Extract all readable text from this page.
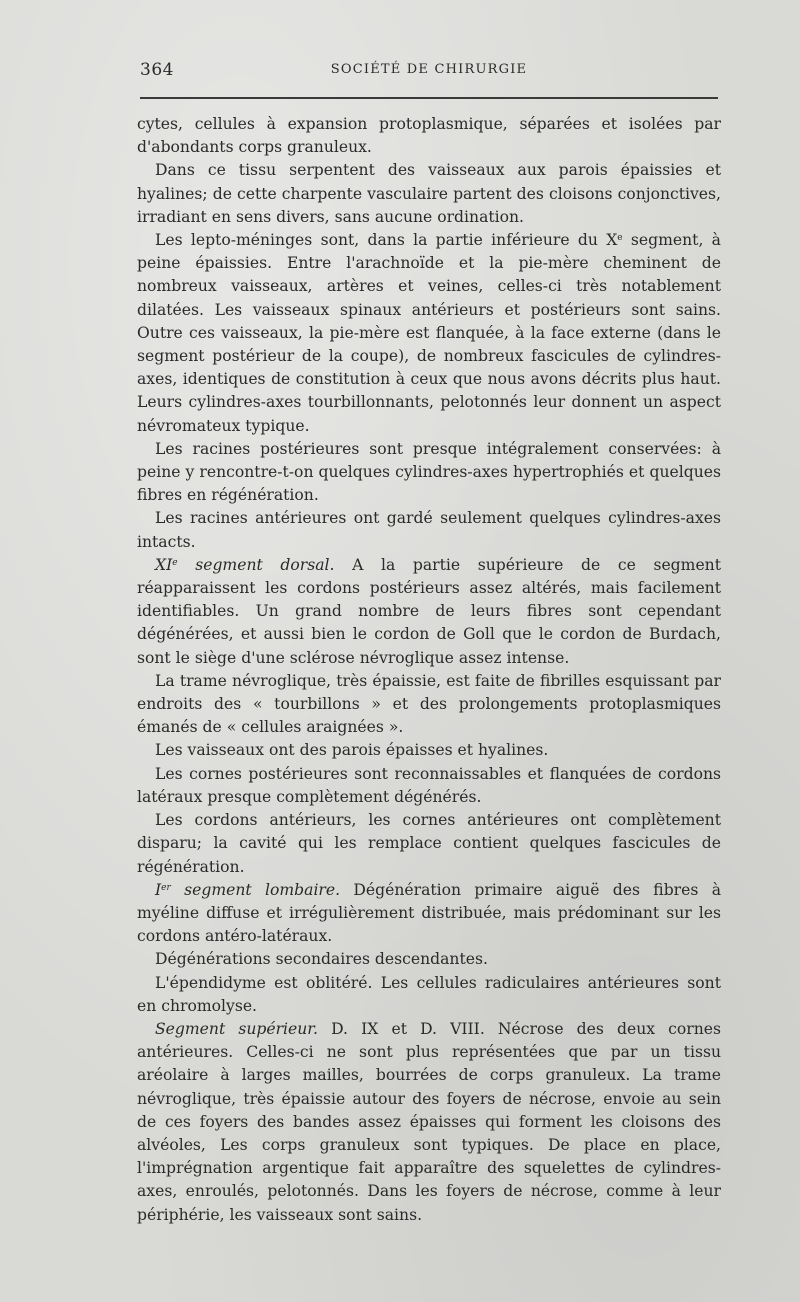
364	SOCIÉTÉ DE CHIRURGIE

cytes, cellules à expansion protoplasmique, séparées et isolées par d'abondants corps granuleux.

Dans ce tissu serpentent des vaisseaux aux parois épaissies et hyalines; de cette charpente vasculaire partent des cloisons conjonctives, irradiant en sens divers, sans aucune ordination.

Les lepto-méninges sont, dans la partie inférieure du Xe segment, à peine épaissies. Entre l'arachnoïde et la pie-mère cheminent de nombreux vaisseaux, artères et veines, celles-ci très notablement dilatées. Les vaisseaux spinaux antérieurs et postérieurs sont sains. Outre ces vaisseaux, la pie-mère est flanquée, à la face externe (dans le segment postérieur de la coupe), de nombreux fascicules de cylindres-axes, identiques de constitution à ceux que nous avons décrits plus haut. Leurs cylindres-axes tourbillonnants, pelotonnés leur donnent un aspect névromateux typique.

Les racines postérieures sont presque intégralement conservées: à peine y rencontre-t-on quelques cylindres-axes hypertrophiés et quelques fibres en régénération.

Les racines antérieures ont gardé seulement quelques cylindres-axes intacts.

XIe segment dorsal. A la partie supérieure de ce segment réapparaissent les cordons postérieurs assez altérés, mais facilement identifiables. Un grand nombre de leurs fibres sont cependant dégénérées, et aussi bien le cordon de Goll que le cordon de Burdach, sont le siège d'une sclérose névroglique assez intense.

La trame névroglique, très épaissie, est faite de fibrilles esquissant par endroits des « tourbillons » et des prolongements protoplasmiques émanés de « cellules araignées ».

Les vaisseaux ont des parois épaisses et hyalines.

Les cornes postérieures sont reconnaissables et flanquées de cordons latéraux presque complètement dégénérés.

Les cordons antérieurs, les cornes antérieures ont complètement disparu; la cavité qui les remplace contient quelques fascicules de régénération.

Ier segment lombaire. Dégénération primaire aiguë des fibres à myéline diffuse et irrégulièrement distribuée, mais prédominant sur les cordons antéro-latéraux.

Dégénérations secondaires descendantes.

L'épendidyme est oblitéré. Les cellules radiculaires antérieures sont en chromolyse.

Segment supérieur. D. IX et D. VIII. Nécrose des deux cornes antérieures. Celles-ci ne sont plus représentées que par un tissu aréolaire à larges mailles, bourrées de corps granuleux. La trame névroglique, très épaissie autour des foyers de nécrose, envoie au sein de ces foyers des bandes assez épaisses qui forment les cloisons des alvéoles, Les corps granuleux sont typiques. De place en place, l'imprégnation argentique fait apparaître des squelettes de cylindres-axes, enroulés, pelotonnés. Dans les foyers de nécrose, comme à leur périphérie, les vaisseaux sont sains.
